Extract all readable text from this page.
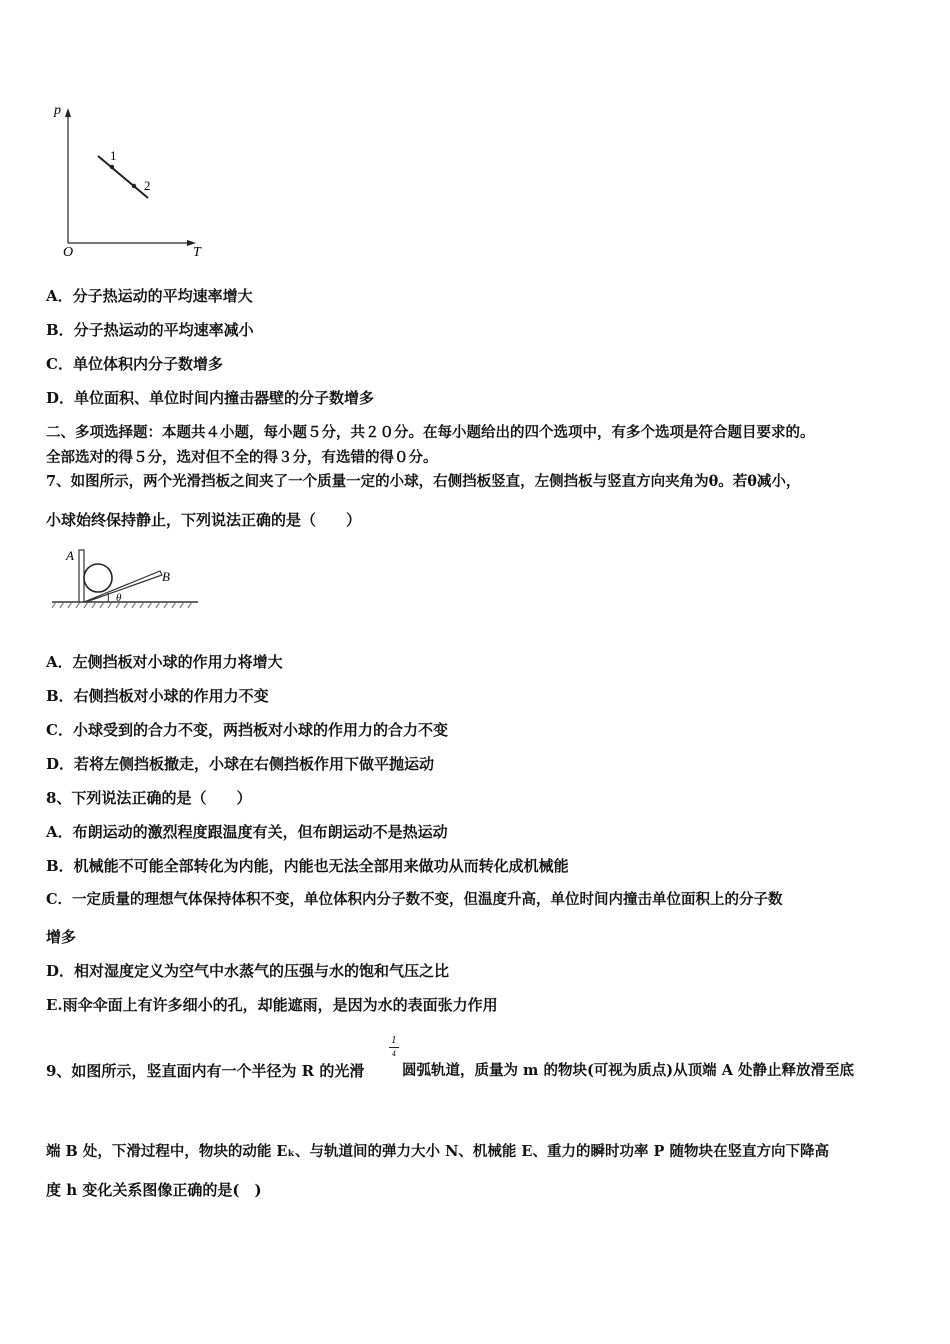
p
T
O
1
2
A．分子热运动的平均速率增大
B．分子热运动的平均速率减小
C．单位体积内分子数增多
D．单位面积、单位时间内撞击器壁的分子数增多
二、多项选择题：本题共４小题，每小题５分，共２０分。在每小题给出的四个选项中，有多个选项是符合题目要求的。
全部选对的得５分，选对但不全的得３分，有选错的得０分。
7、如图所示，两个光滑挡板之间夹了一个质量一定的小球，右侧挡板竖直，左侧挡板与竖直方向夹角为θ。若θ减小，
小球始终保持静止，下列说法正确的是（　　）
A
B
θ
A．左侧挡板对小球的作用力将增大
B．右侧挡板对小球的作用力不变
C．小球受到的合力不变，两挡板对小球的作用力的合力不变
D．若将左侧挡板撤走，小球在右侧挡板作用下做平抛运动
8、下列说法正确的是（　　）
A．布朗运动的激烈程度跟温度有关，但布朗运动不是热运动
B．机械能不可能全部转化为内能，内能也无法全部用来做功从而转化成机械能
C．一定质量的理想气体保持体积不变，单位体积内分子数不变，但温度升高，单位时间内撞击单位面积上的分子数
增多
D．相对湿度定义为空气中水蒸气的压强与水的饱和气压之比
E.雨伞伞面上有许多细小的孔，却能遮雨，是因为水的表面张力作用
9、如图所示，竖直面内有一个半径为 R 的光滑
1
4
圆弧轨道，质量为 m 的物块(可视为质点)从顶端 A 处静止释放滑至底
端 B 处，下滑过程中，物块的动能 Eₖ、与轨道间的弹力大小 N、机械能 E、重力的瞬时功率 P 随物块在竖直方向下降高
度 h 变化关系图像正确的是(　)
